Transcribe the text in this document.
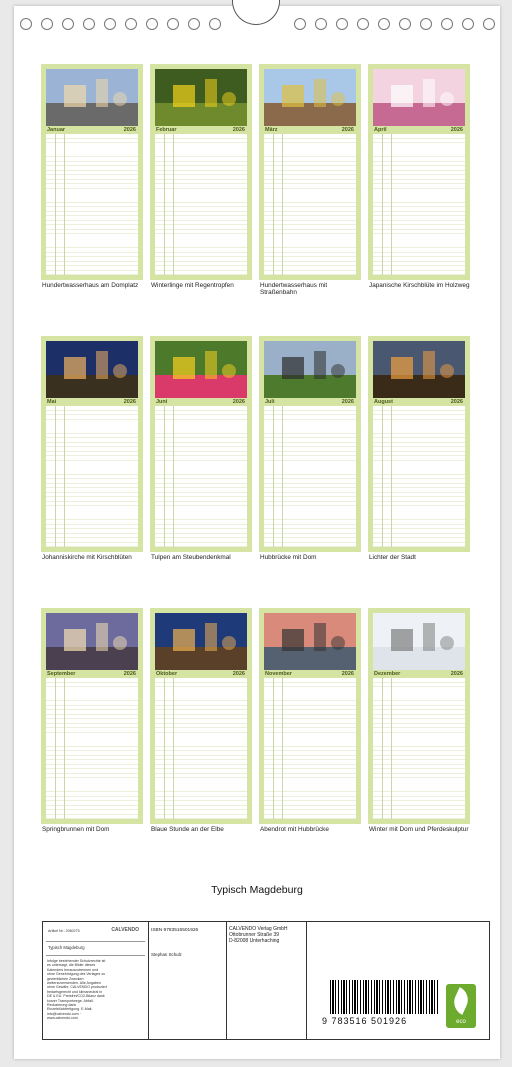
Januar	2026
Hundertwasserhaus am Domplatz
Februar	2026
Winterlinge mit Regentropfen
März	2026
Hundertwasserhaus mit Straßenbahn
April	2026
Japanische Kirschblüte im Holzweg
Mai	2026
Johanniskirche mit Kirschblüten
Juni	2026
Tulpen am Steubendenkmal
Juli	2026
Hubbrücke mit Dom
August	2026
Lichter der Stadt
September	2026
Springbrunnen mit Dom
Oktober	2026
Blaue Stunde an der Elbe
November	2026
Abendrot mit Hubbrücke
Dezember	2026
Winter mit Dom und Pferdeskulptur
Typisch Magdeburg
Artikel Nr.: 2060275	CALVENDO
Typisch Magdeburg
Infolge bestehender Schutzrechte ist es untersagt, die Bilder dieses Kalenders herauszutrennen und ohne Genehmigung des Verlages zu gewerblichen Zwecken weiterzuverwenden. Alle Angaben ohne Gewähr. CALVENDO produziert bedarfsgerecht und klimaneutral in DE & EU. Preisfrei/CO2-Bilanz dank kurzer Transportwege. Abfall-Reduzierung dank Einzelstückfertigung. E-Mail: info@calvendo.com · www.calvendo.com
ISBN 9783516501926
Stephan Schulz
CALVENDO Verlag GmbH
Ottobrunner Straße 39
D-82008 Unterhaching
9 783516 501926	eco
